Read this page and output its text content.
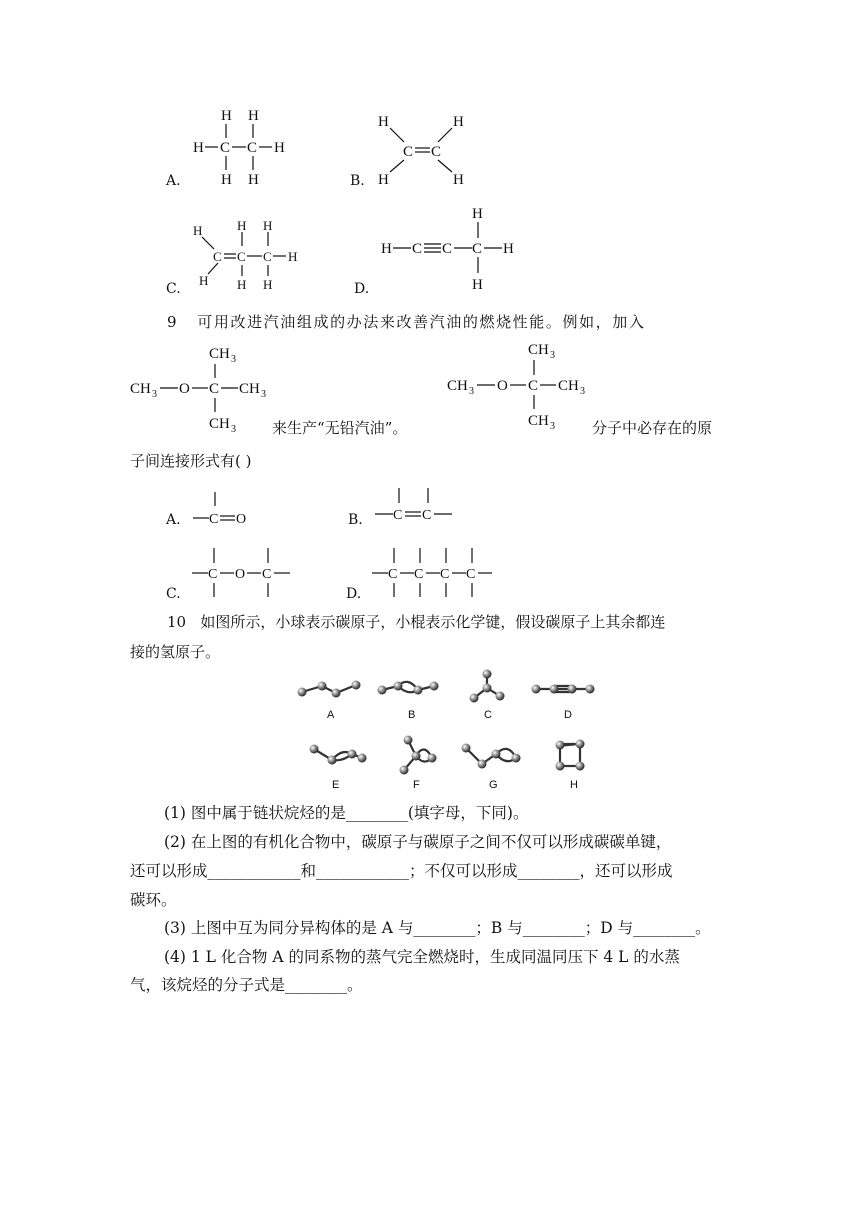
H H
H C C H
H H
H	H
C C
H	H
H
C C C H
H H
H H H
H
H C C C H
H
A.	B.
C.	D.
9 可用改进汽油组成的办法来改善汽油的燃烧性能。例如，加入
CH 3
CH 3 O C CH 3
CH 3
CH 3
CH 3 O C CH 3
CH 3
来生产“无铅汽油”。	分子中必存在的原
子间连接形式有( )
C O	C C
C O C	C C C C
A.	B.
C.	D.
10 如图所示，小球表示碳原子，小棍表示化学键，假设碳原子上其余都连
接的氢原子。
A	B	C	D
E	F	G	H
(1) 图中属于链状烷烃的是________(填字母，下同)。
(2) 在上图的有机化合物中，碳原子与碳原子之间不仅可以形成碳碳单键，
还可以形成____________和____________；不仅可以形成________，还可以形成
碳环。
(3) 上图中互为同分异构体的是 A 与________；B 与________；D 与________。
(4) 1 L 化合物 A 的同系物的蒸气完全燃烧时，生成同温同压下 4 L 的水蒸
气，该烷烃的分子式是________。
